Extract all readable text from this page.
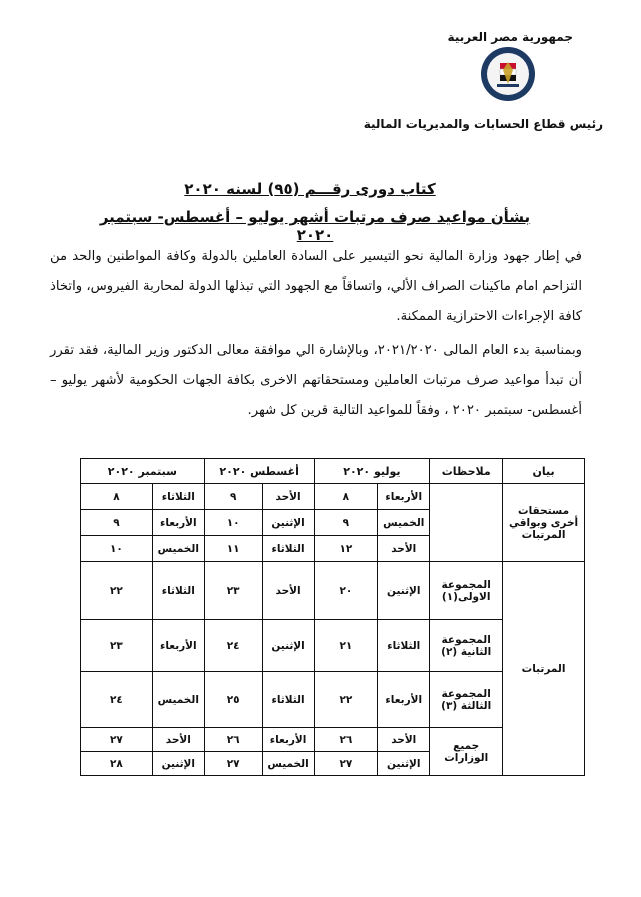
جمهورية مصر العربية
رئيس قطاع الحسابات والمديريات المالية
كتاب دورى رقـــم (٩٥) لسنه ٢٠٢٠
بشأن مواعيد صرف مرتبات أشهر يوليو – أغسطس- سبتمبر ٢٠٢٠
في إطار جهود وزارة المالية نحو التيسير على السادة العاملين بالدولة وكافة المواطنين والحد من التزاحم امام ماكينات الصراف الألي، واتساقاً مع الجهود التي تبذلها الدولة لمحاربة الفيروس، واتخاذ كافة الإجراءات الاحترازية الممكنة.
وبمناسبة بدء العام المالى ٢٠٢١/٢٠٢٠، وبالإشارة الي موافقة معالى الدكتور وزير المالية، فقد تقرر أن تبدأ مواعيد صرف مرتبات العاملين ومستحقاتهم الاخرى بكافة الجهات الحكومية لأشهر يوليو – أغسطس- سبتمبر ٢٠٢٠ ، وفقاً للمواعيد التالية قرين كل شهر.
بيان	ملاحظات	يوليو ٢٠٢٠		أغسطس ٢٠٢٠		سبتمبر ٢٠٢٠	
مستحقات أخرى وبواقي المرتبات		الأربعاء	٨	الأحد	٩	الثلاثاء	٨
		الخميس	٩	الإثنين	١٠	الأربعاء	٩
		الأحد	١٢	الثلاثاء	١١	الخميس	١٠
المرتبات	المجموعة الاولى(١)	الإثنين	٢٠	الأحد	٢٣	الثلاثاء	٢٢
	المجموعة الثانية (٢)	الثلاثاء	٢١	الإثنين	٢٤	الأربعاء	٢٣
	المجموعة الثالثة (٣)	الأربعاء	٢٢	الثلاثاء	٢٥	الخميس	٢٤
	جميع الوزارات	الأحد	٢٦	الأربعاء	٢٦	الأحد	٢٧
		الإثنين	٢٧	الخميس	٢٧	الإثنين	٢٨
